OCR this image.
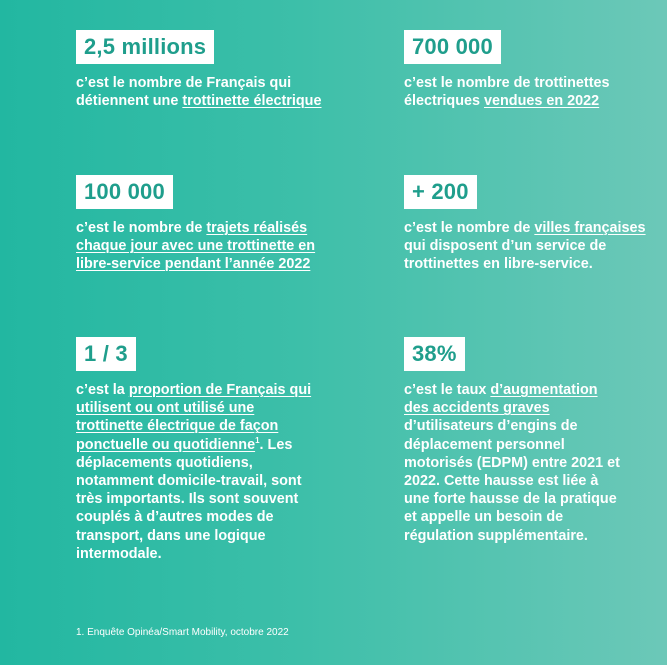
2,5 millions

c’est le nombre de Français qui détiennent une trottinette électrique

700 000

c’est le nombre de trottinettes électriques vendues en 2022

100 000

c’est le nombre de trajets réalisés chaque jour avec une trottinette en libre-service pendant l’année 2022

+ 200

c’est le nombre de villes françaises qui disposent d’un service de trottinettes en libre-service.

1 / 3

c’est la proportion de Français qui utilisent ou ont utilisé une trottinette électrique de façon ponctuelle ou quotidienne$^1$. Les déplacements quotidiens, notamment domicile-travail, sont très importants. Ils sont souvent couplés à d’autres modes de transport, dans une logique intermodale.

38%

c’est le taux d’augmentation des accidents graves d’utilisateurs d’engins de déplacement personnel motorisés (EDPM) entre 2021 et 2022. Cette hausse est liée à une forte hausse de la pratique et appelle un besoin de régulation supplémentaire.

1. Enquête Opinéa/Smart Mobility, octobre 2022
